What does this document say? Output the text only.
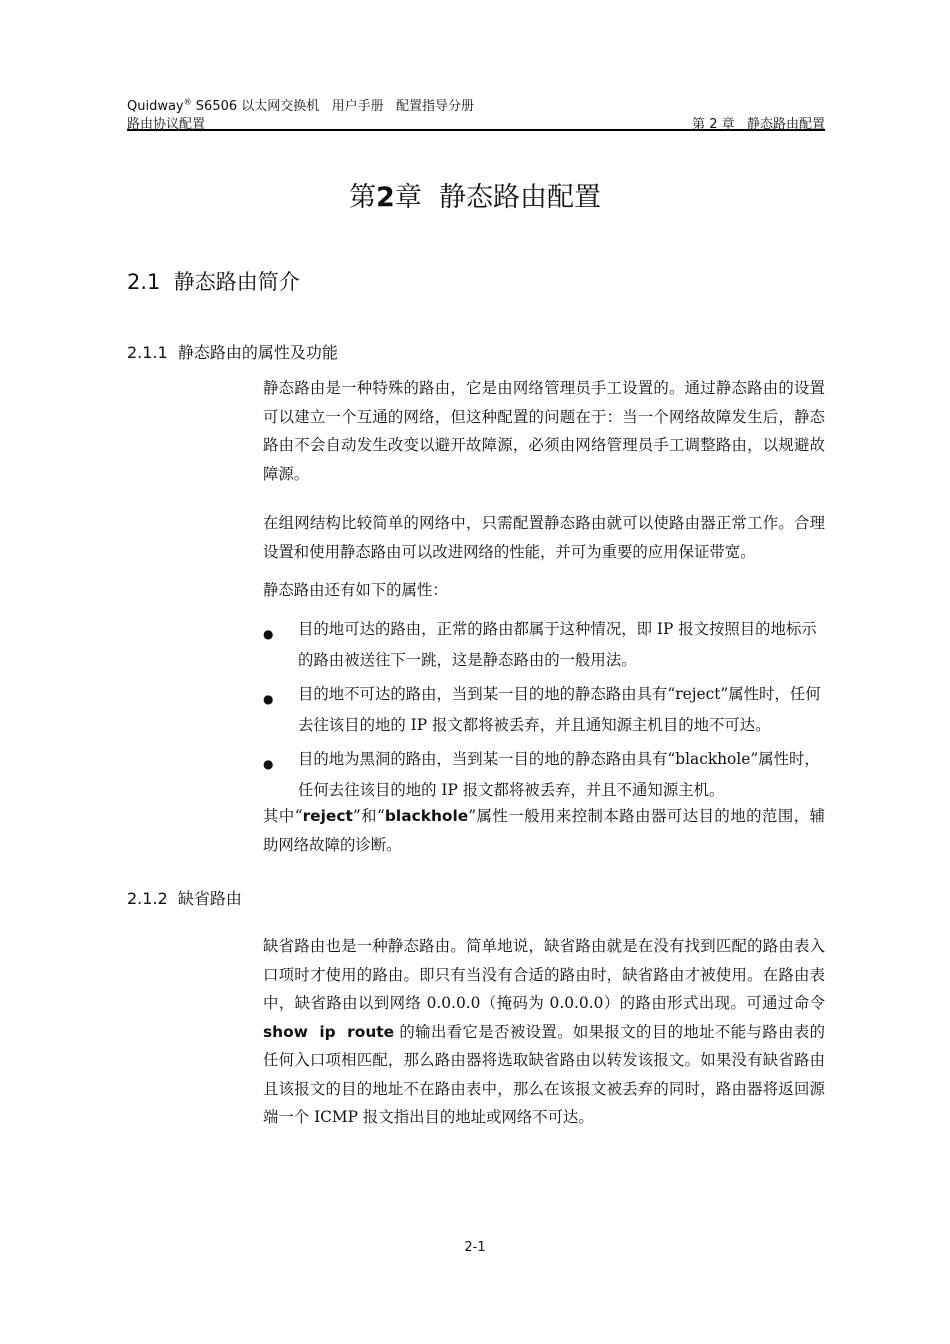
Quidway® S6506 以太网交换机   用户手册   配置指导分册
路由协议配置	第 2 章   静态路由配置
第2章  静态路由配置
2.1  静态路由简介
2.1.1  静态路由的属性及功能

静态路由是一种特殊的路由，它是由网络管理员手工设置的。通过静态路由的设置可以建立一个互通的网络，但这种配置的问题在于：当一个网络故障发生后，静态路由不会自动发生改变以避开故障源，必须由网络管理员手工调整路由，以规避故障源。

在组网结构比较简单的网络中，只需配置静态路由就可以使路由器正常工作。合理设置和使用静态路由可以改进网络的性能，并可为重要的应用保证带宽。

静态路由还有如下的属性：

● 目的地可达的路由，正常的路由都属于这种情况，即 IP 报文按照目的地标示的路由被送往下一跳，这是静态路由的一般用法。
● 目的地不可达的路由，当到某一目的地的静态路由具有“reject”属性时，任何去往该目的地的 IP 报文都将被丢弃，并且通知源主机目的地不可达。
● 目的地为黑洞的路由，当到某一目的地的静态路由具有“blackhole”属性时，任何去往该目的地的 IP 报文都将被丢弃，并且不通知源主机。

其中“reject”和“blackhole”属性一般用来控制本路由器可达目的地的范围，辅助网络故障的诊断。

2.1.2  缺省路由

缺省路由也是一种静态路由。简单地说，缺省路由就是在没有找到匹配的路由表入口项时才使用的路由。即只有当没有合适的路由时，缺省路由才被使用。在路由表中，缺省路由以到网络 0.0.0.0（掩码为 0.0.0.0）的路由形式出现。可通过命令 show  ip  route 的输出看它是否被设置。如果报文的目的地址不能与路由表的任何入口项相匹配，那么路由器将选取缺省路由以转发该报文。如果没有缺省路由且该报文的目的地址不在路由表中，那么在该报文被丢弃的同时，路由器将返回源端一个 ICMP 报文指出目的地址或网络不可达。

2-1
